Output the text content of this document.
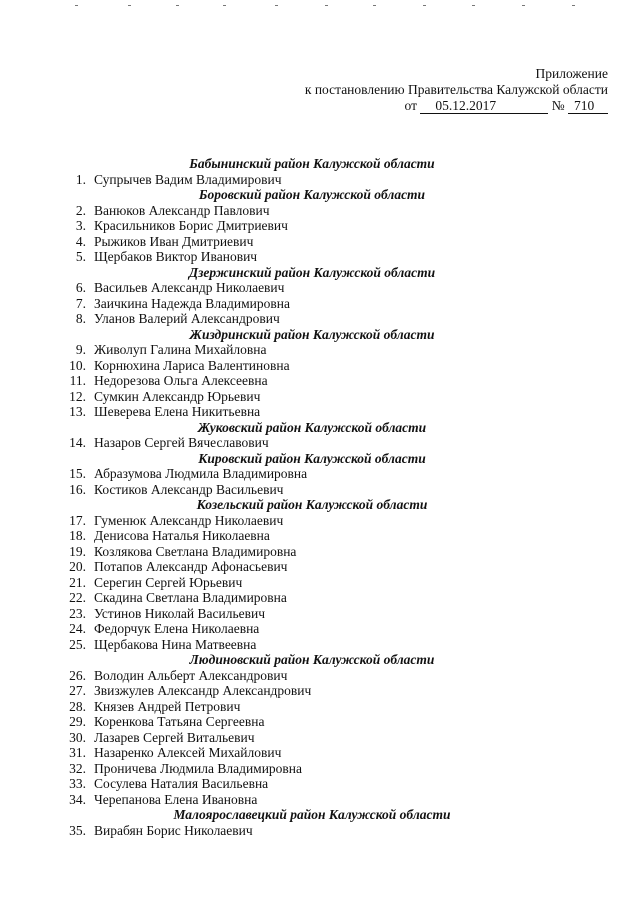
Приложение
к постановлению Правительства Калужской области
от 05.12.2017	№ 710
Бабынинский район Калужской области
1. Супрычев Вадим Владимирович
Боровский район Калужской области
2. Ванюков Александр Павлович
3. Красильников Борис Дмитриевич
4. Рыжиков Иван Дмитриевич
5. Щербаков Виктор Иванович
Дзержинский район Калужской области
6. Васильев Александр Николаевич
7. Заичкина Надежда Владимировна
8. Уланов Валерий Александрович
Жиздринский район Калужской области
9. Живолуп Галина Михайловна
10. Корнюхина Лариса Валентиновна
11. Недорезова Ольга Алексеевна
12. Сумкин Александр Юрьевич
13. Шеверева Елена Никитьевна
Жуковский район Калужской области
14. Назаров Сергей Вячеславович
Кировский район Калужской области
15. Абразумова Людмила Владимировна
16. Костиков Александр Васильевич
Козельский район Калужской области
17. Гуменюк Александр Николаевич
18. Денисова Наталья Николаевна
19. Козлякова Светлана Владимировна
20. Потапов Александр Афонасьевич
21. Серегин Сергей Юрьевич
22. Скадина Светлана Владимировна
23. Устинов Николай Васильевич
24. Федорчук Елена Николаевна
25. Щербакова Нина Матвеевна
Людиновский район Калужской области
26. Володин Альберт Александрович
27. Звизжулев Александр Александрович
28. Князев Андрей Петрович
29. Коренкова Татьяна Сергеевна
30. Лазарев Сергей Витальевич
31. Назаренко Алексей Михайлович
32. Проничева Людмила Владимировна
33. Сосулева Наталия Васильевна
34. Черепанова Елена Ивановна
Малоярославецкий район Калужской области
35. Вирабян Борис Николаевич
